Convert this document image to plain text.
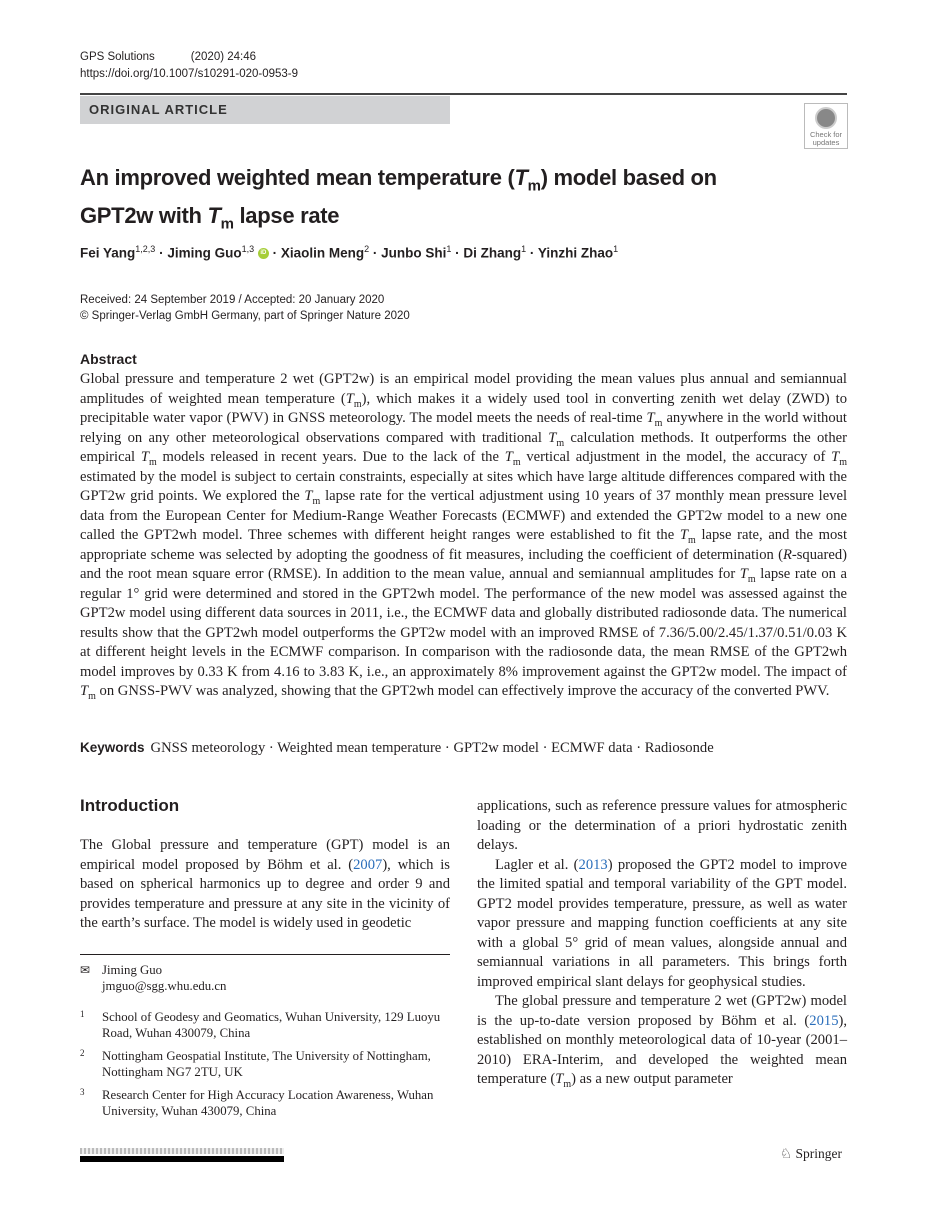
GPS Solutions	(2020) 24:46
https://doi.org/10.1007/s10291-020-0953-9
ORIGINAL ARTICLE
Check for updates
An improved weighted mean temperature $(T_m)$ model based on GPT2w with $T_m$ lapse rate
Fei Yang$^{1,2,3}$ · Jiming Guo$^{1,3}$ iD · Xiaolin Meng$^2$ · Junbo Shi$^1$ · Di Zhang$^1$ · Yinzhi Zhao$^1$
Received: 24 September 2019 / Accepted: 20 January 2020
© Springer-Verlag GmbH Germany, part of Springer Nature 2020
Abstract
Global pressure and temperature 2 wet (GPT2w) is an empirical model providing the mean values plus annual and semiannual amplitudes of weighted mean temperature $(T_m)$, which makes it a widely used tool in converting zenith wet delay (ZWD) to precipitable water vapor (PWV) in GNSS meteorology. The model meets the needs of real-time $T_m$ anywhere in the world without relying on any other meteorological observations compared with traditional $T_m$ calculation methods. It outperforms the other empirical $T_m$ models released in recent years. Due to the lack of the $T_m$ vertical adjustment in the model, the accuracy of $T_m$ estimated by the model is subject to certain constraints, especially at sites which have large altitude differences compared with the GPT2w grid points. We explored the $T_m$ lapse rate for the vertical adjustment using 10 years of 37 monthly mean pressure level data from the European Center for Medium-Range Weather Forecasts (ECMWF) and extended the GPT2w model to a new one called the GPT2wh model. Three schemes with different height ranges were established to fit the $T_m$ lapse rate, and the most appropriate scheme was selected by adopting the goodness of fit measures, including the coefficient of determination (R-squared) and the root mean square error (RMSE). In addition to the mean value, annual and semiannual amplitudes for $T_m$ lapse rate on a regular 1° grid were determined and stored in the GPT2wh model. The performance of the new model was assessed against the GPT2w model using different data sources in 2011, i.e., the ECMWF data and globally distributed radiosonde data. The numerical results show that the GPT2wh model outperforms the GPT2w model with an improved RMSE of 7.36/5.00/2.45/1.37/0.51/0.03 K at different height levels in the ECMWF comparison. In comparison with the radiosonde data, the mean RMSE of the GPT2wh model improves by 0.33 K from 4.16 to 3.83 K, i.e., an approximately 8% improvement against the GPT2w model. The impact of $T_m$ on GNSS-PWV was analyzed, showing that the GPT2wh model can effectively improve the accuracy of the converted PWV.
Keywords GNSS meteorology · Weighted mean temperature · GPT2w model · ECMWF data · Radiosonde
Introduction
The Global pressure and temperature (GPT) model is an empirical model proposed by Böhm et al. (2007), which is based on spherical harmonics up to degree and order 9 and provides temperature and pressure at any site in the vicinity of the earth’s surface. The model is widely used in geodetic
applications, such as reference pressure values for atmospheric loading or the determination of a priori hydrostatic zenith delays.
Lagler et al. (2013) proposed the GPT2 model to improve the limited spatial and temporal variability of the GPT model. GPT2 model provides temperature, pressure, as well as water vapor pressure and mapping function coefficients at any site with a global 5° grid of mean values, alongside annual and semiannual variations in all parameters. This brings forth improved empirical slant delays for geophysical studies.
The global pressure and temperature 2 wet (GPT2w) model is the up-to-date version proposed by Böhm et al. (2015), established on monthly meteorological data of 10-year (2001–2010) ERA-Interim, and developed the weighted mean temperature $(T_m)$ as a new output parameter
✉ Jiming Guo
jmguo@sgg.whu.edu.cn
♘ Springer
1 School of Geodesy and Geomatics, Wuhan University, 129 Luoyu Road, Wuhan 430079, China
2 Nottingham Geospatial Institute, The University of Nottingham, Nottingham NG7 2TU, UK
3 Research Center for High Accuracy Location Awareness, Wuhan University, Wuhan 430079, China
